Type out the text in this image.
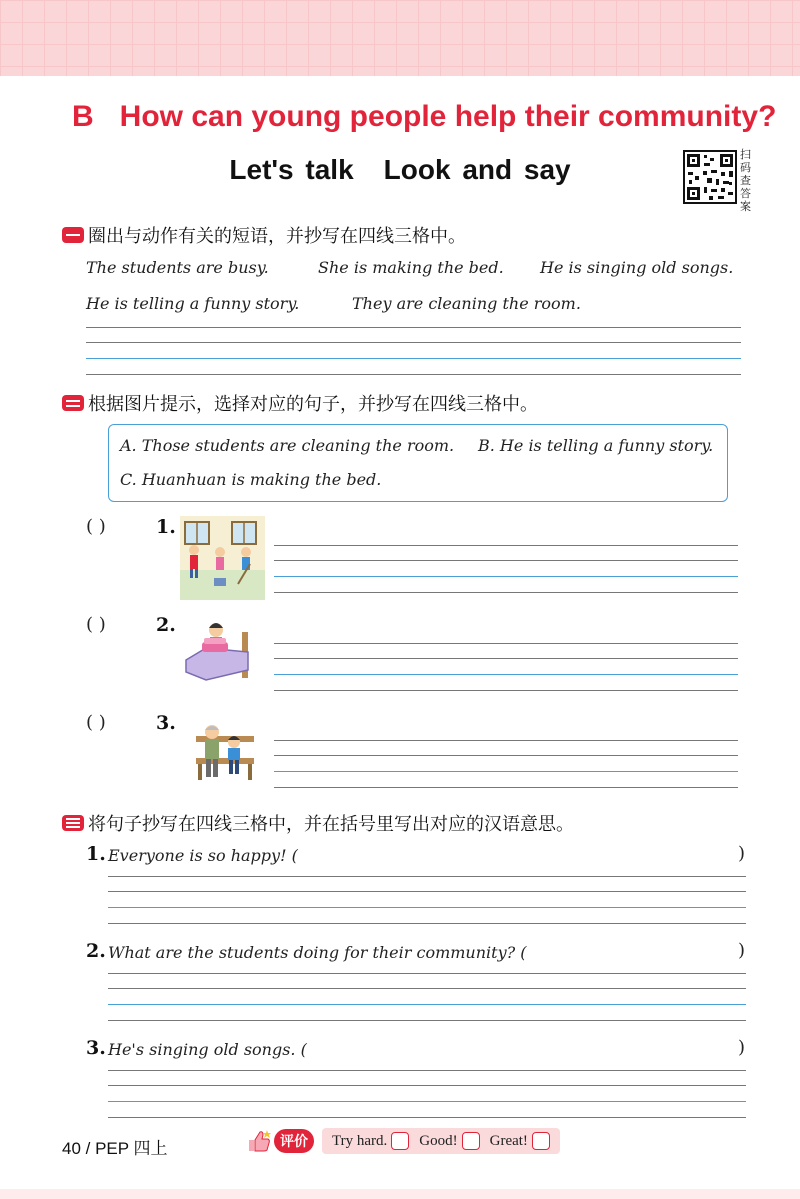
B How can young people help their community?
Let's talk Look and say	扫码查答案
圈出与动作有关的短语，并抄写在四线三格中。
The students are busy.	She is making the bed. He is singing old songs.
He is telling a funny story.	They are cleaning the room.
根据图片提示，选择对应的句子，并抄写在四线三格中。
A. Those students are cleaning the room. B. He is telling a funny story.
C. Huanhuan is making the bed.
( )	1.
( )	2.
( )	3.
将句子抄写在四线三格中，并在括号里写出对应的汉语意思。
1. Everyone is so happy! (	)
2. What are the students doing for their community? (	)
3. He's singing old songs. (	)
40 / PEP 四上	评价	Try hard. Good! Great!
